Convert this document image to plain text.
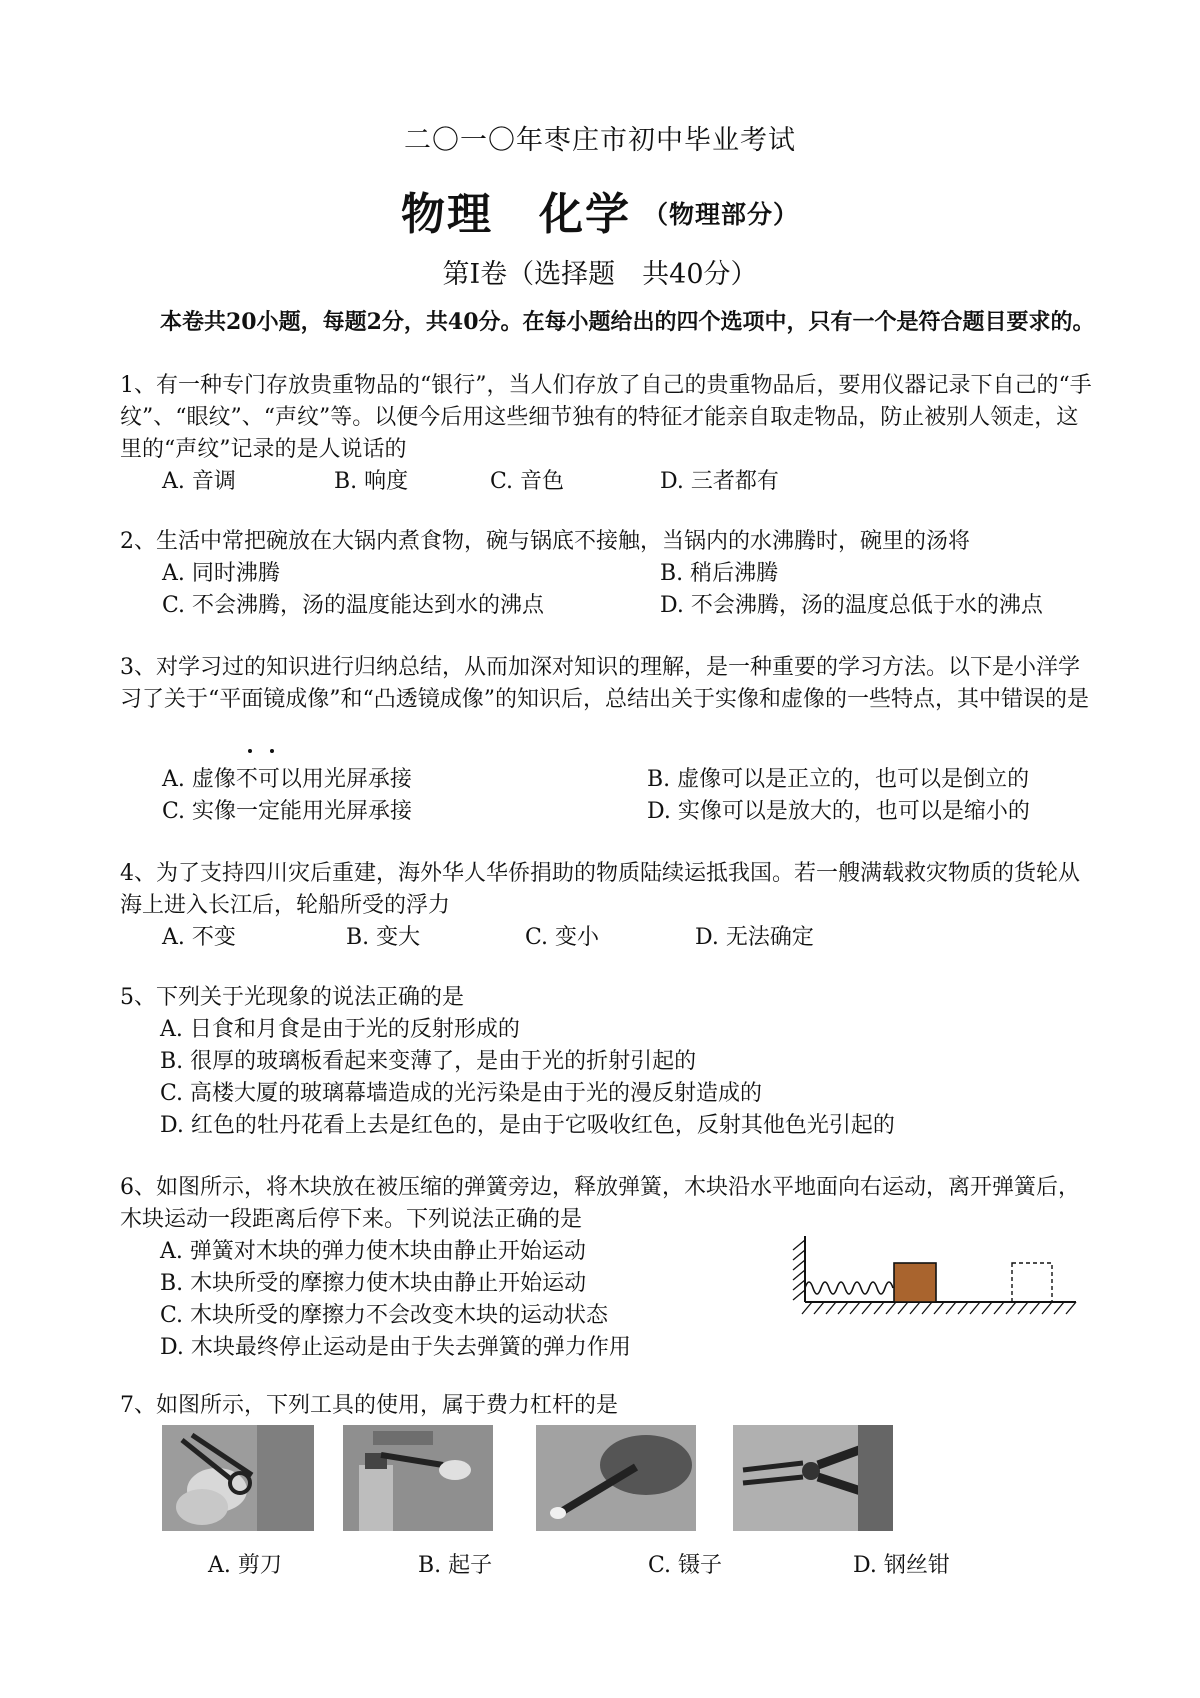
二〇一〇年枣庄市初中毕业考试
物理　化学 $^{(物理部分)}$
第Ⅰ卷（选择题　共40分）
本卷共20小题，每题2分，共40分。在每小题给出的四个选项中，只有一个是符合题目要求的。
1、有一种专门存放贵重物品的“银行”，当人们存放了自己的贵重物品后，要用仪器记录下自己的“手纹”、“眼纹”、“声纹”等。以便今后用这些细节独有的特征才能亲自取走物品，防止被别人领走，这里的“声纹”记录的是人说话的
A. 音调	B. 响度	C. 音色	D. 三者都有
2、生活中常把碗放在大锅内煮食物，碗与锅底不接触，当锅内的水沸腾时，碗里的汤将
A. 同时沸腾	B. 稍后沸腾
C. 不会沸腾，汤的温度能达到水的沸点	D. 不会沸腾，汤的温度总低于水的沸点
3、对学习过的知识进行归纳总结，从而加深对知识的理解，是一种重要的学习方法。以下是小洋学习了关于“平面镜成像”和“凸透镜成像”的知识后，总结出关于实像和虚像的一些特点，其中错误的是
A. 虚像不可以用光屏承接	B. 虚像可以是正立的，也可以是倒立的
C. 实像一定能用光屏承接	D. 实像可以是放大的，也可以是缩小的
4、为了支持四川灾后重建，海外华人华侨捐助的物质陆续运抵我国。若一艘满载救灾物质的货轮从海上进入长江后，轮船所受的浮力
A. 不变	B. 变大	C. 变小	D. 无法确定
5、下列关于光现象的说法正确的是
A. 日食和月食是由于光的反射形成的
B. 很厚的玻璃板看起来变薄了，是由于光的折射引起的
C. 高楼大厦的玻璃幕墙造成的光污染是由于光的漫反射造成的
D. 红色的牡丹花看上去是红色的，是由于它吸收红色，反射其他色光引起的
6、如图所示，将木块放在被压缩的弹簧旁边，释放弹簧，木块沿水平地面向右运动，离开弹簧后，木块运动一段距离后停下来。下列说法正确的是
A. 弹簧对木块的弹力使木块由静止开始运动
B. 木块所受的摩擦力使木块由静止开始运动
C. 木块所受的摩擦力不会改变木块的运动状态
D. 木块最终停止运动是由于失去弹簧的弹力作用
7、如图所示，下列工具的使用，属于费力杠杆的是
A. 剪刀	B. 起子	C. 镊子	D. 钢丝钳
